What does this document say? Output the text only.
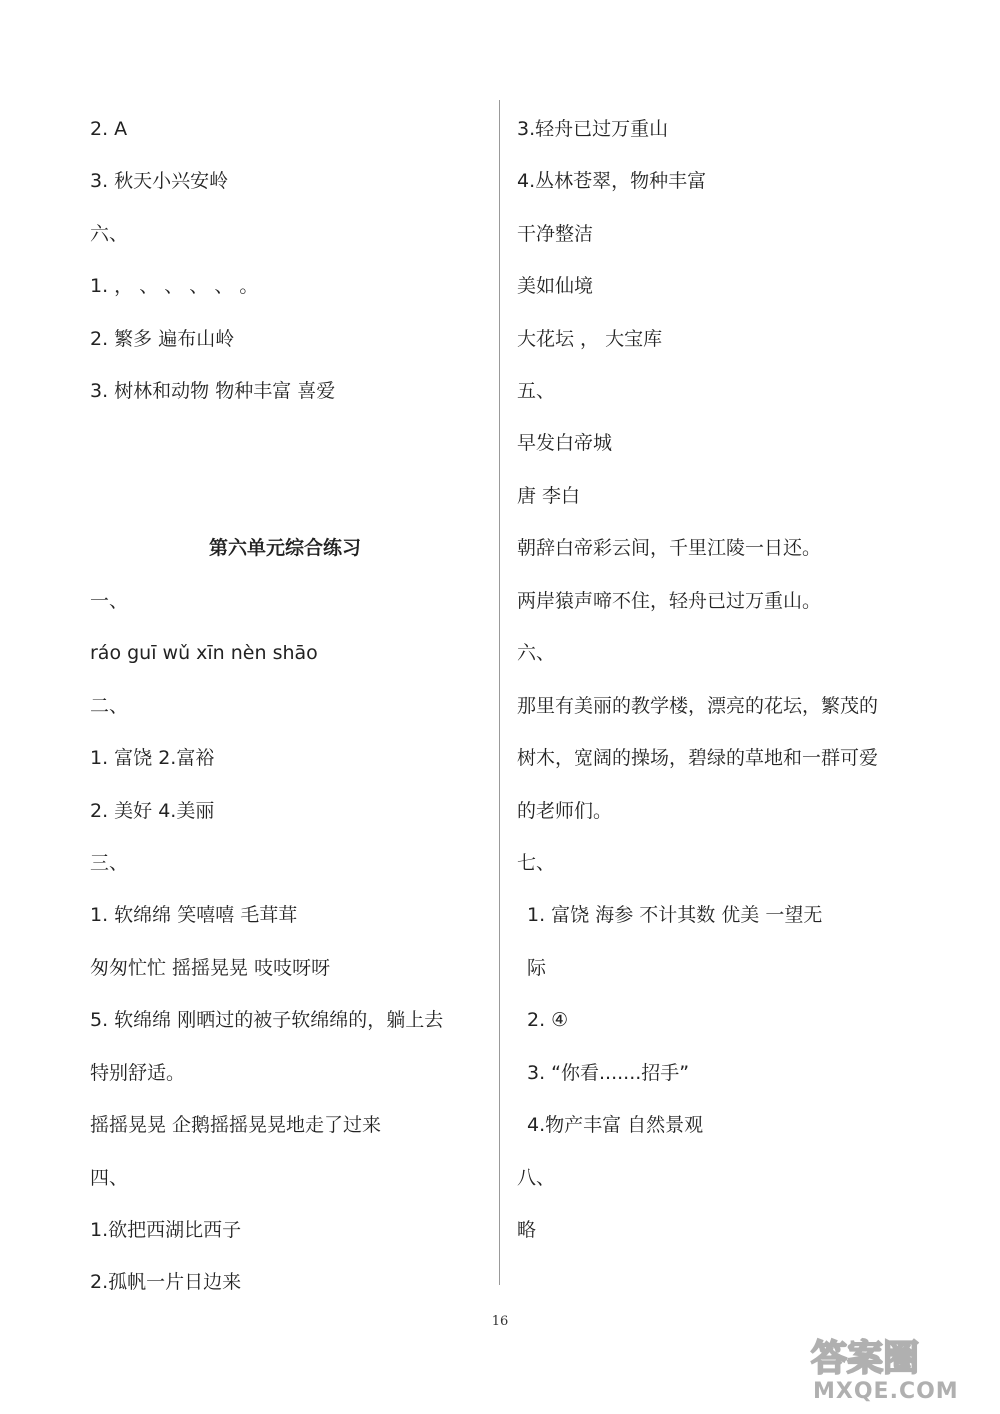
2. A
3. 秋天小兴安岭
六、
1. ， 、 、 、 、 。
2. 繁多 遍布山岭
3. 树林和动物 物种丰富 喜爱
第六单元综合练习
一、
ráo guī wǔ xīn nèn shāo
二、
1. 富饶 2.富裕
2. 美好 4.美丽
三、
1. 软绵绵 笑嘻嘻 毛茸茸
匆匆忙忙 摇摇晃晃 吱吱呀呀
5. 软绵绵 刚晒过的被子软绵绵的，躺上去
特别舒适。
摇摇晃晃 企鹅摇摇晃晃地走了过来
四、
1.欲把西湖比西子
2.孤帆一片日边来
3.轻舟已过万重山
4.丛林苍翠，物种丰富
干净整洁
美如仙境
大花坛 ， 大宝库
五、
早发白帝城
唐 李白
朝辞白帝彩云间，千里江陵一日还。
两岸猿声啼不住，轻舟已过万重山。
六、
那里有美丽的教学楼，漂亮的花坛，繁茂的
树木，宽阔的操场，碧绿的草地和一群可爱
的老师们。
七、
1. 富饶 海参 不计其数 优美 一望无
际
2. ④
3. “你看.......招手”
4.物产丰富 自然景观
八、
略
16
答案圈
MXQE.COM
